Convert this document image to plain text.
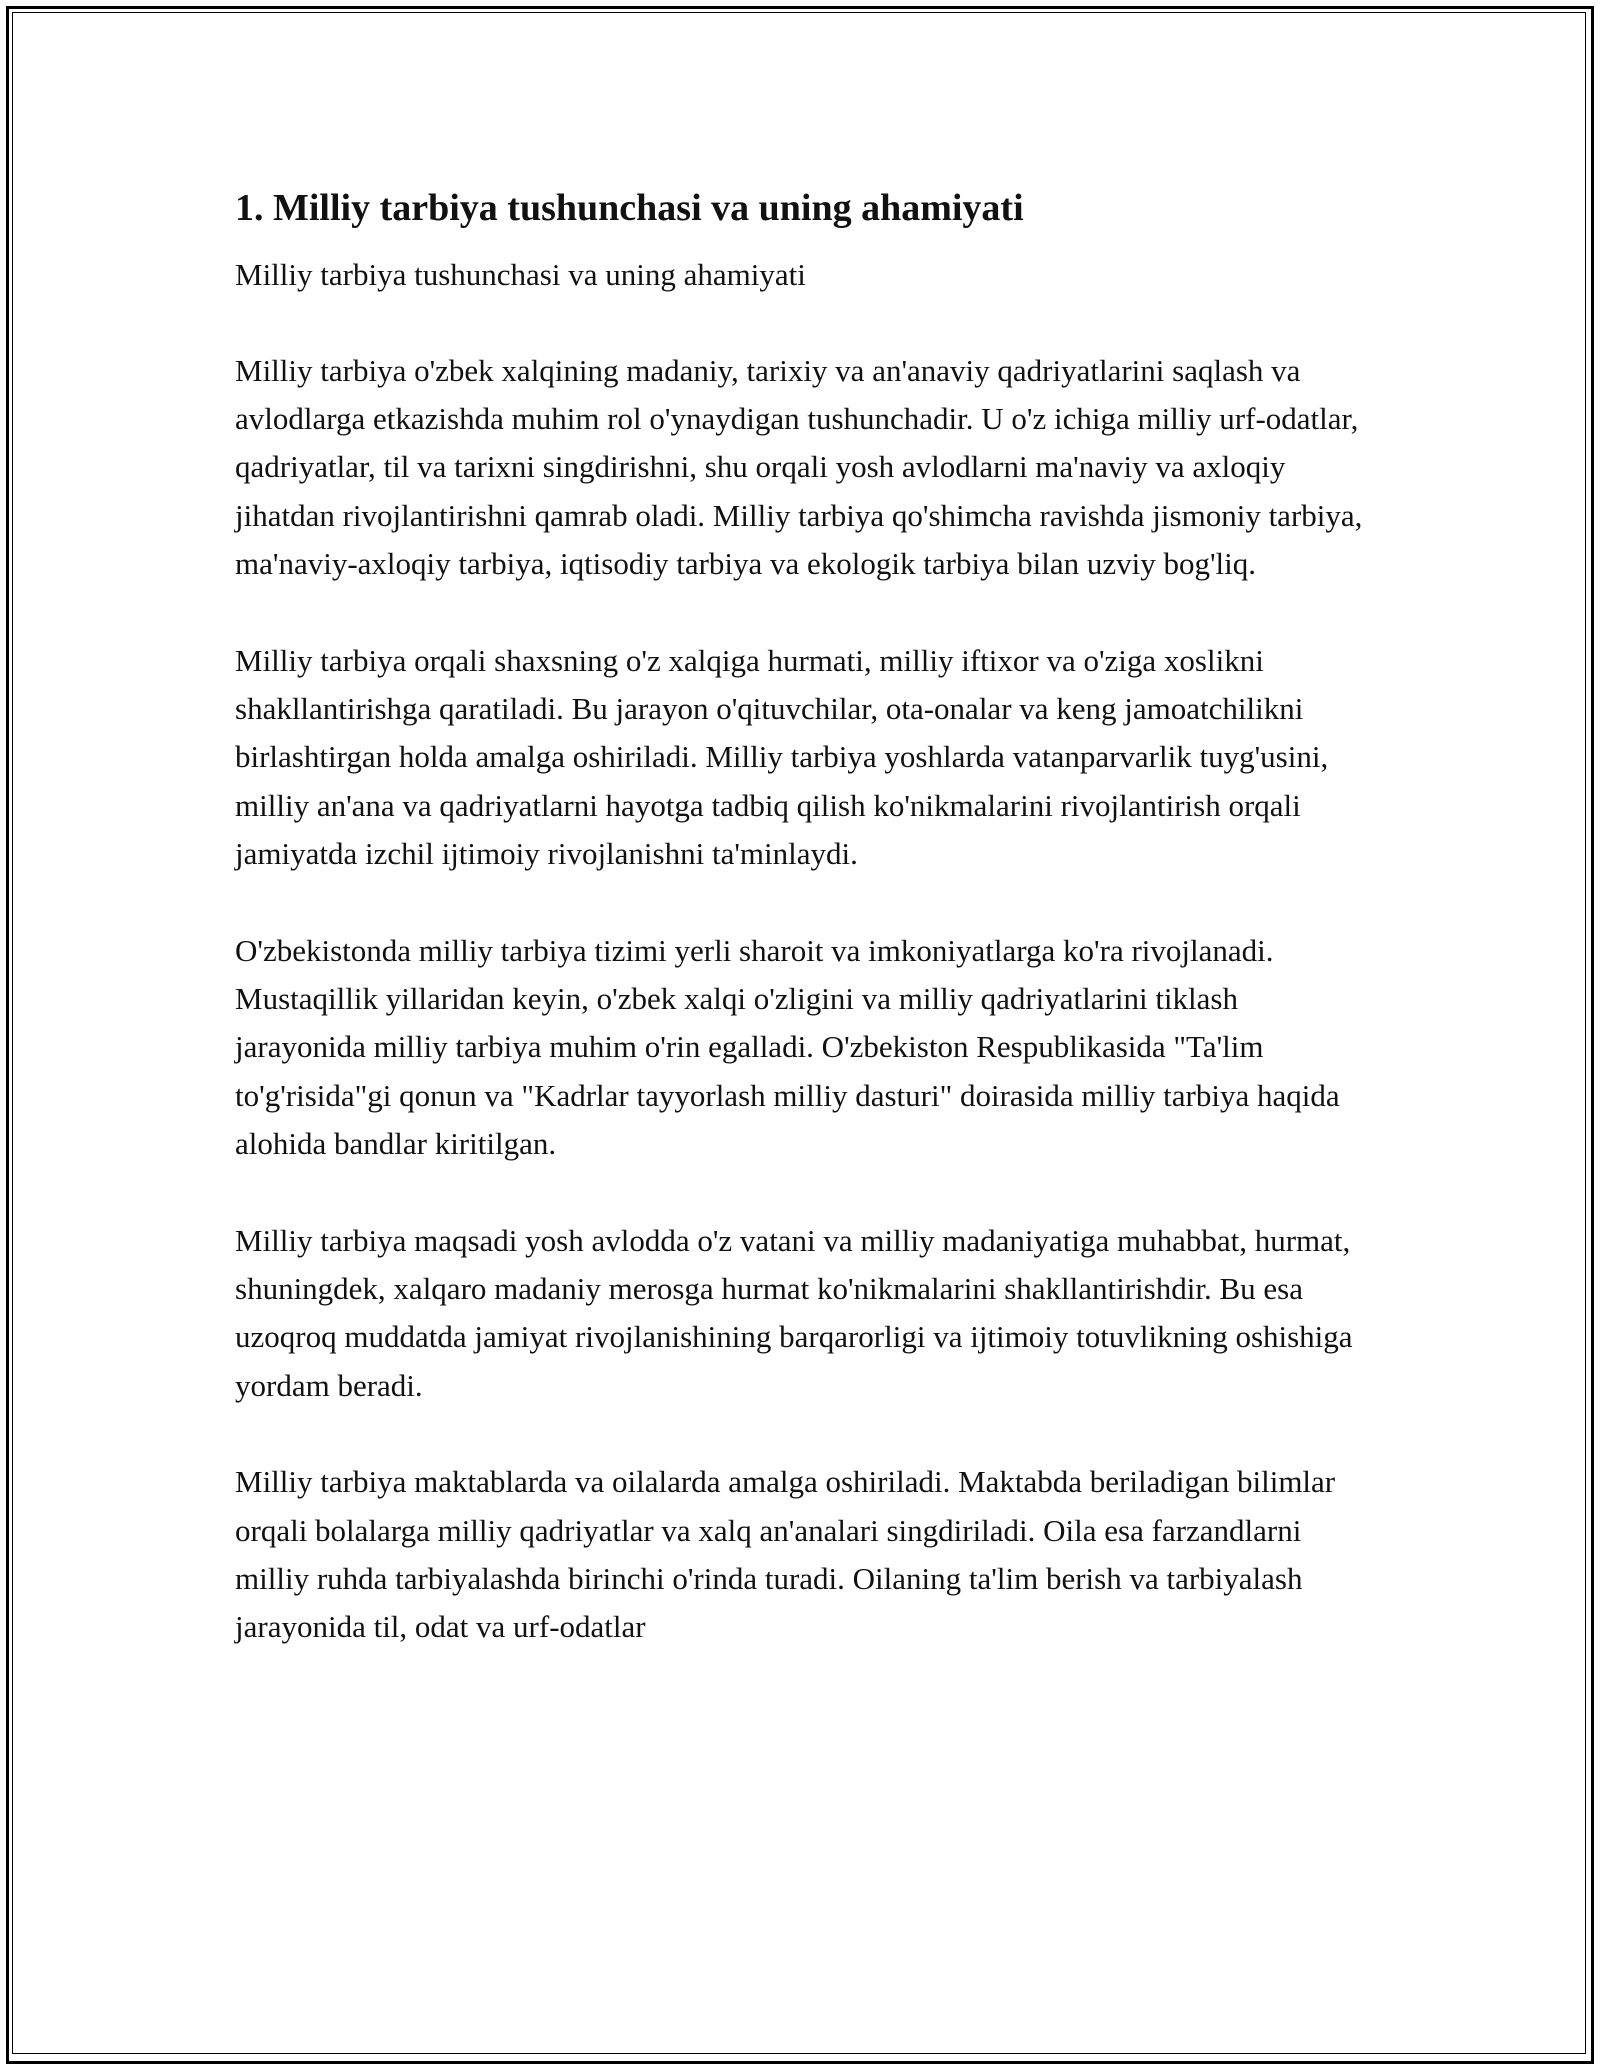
1. Milliy tarbiya tushunchasi va uning ahamiyati

Milliy tarbiya tushunchasi va uning ahamiyati

Milliy tarbiya o'zbek xalqining madaniy, tarixiy va an'anaviy qadriyatlarini saqlash va avlodlarga etkazishda muhim rol o'ynaydigan tushunchadir. U o'z ichiga milliy urf-odatlar, qadriyatlar, til va tarixni singdirishni, shu orqali yosh avlodlarni ma'naviy va axloqiy jihatdan rivojlantirishni qamrab oladi. Milliy tarbiya qo'shimcha ravishda jismoniy tarbiya, ma'naviy-axloqiy tarbiya, iqtisodiy tarbiya va ekologik tarbiya bilan uzviy bog'liq.

Milliy tarbiya orqali shaxsning o'z xalqiga hurmati, milliy iftixor va o'ziga xoslikni shakllantirishga qaratiladi. Bu jarayon o'qituvchilar, ota-onalar va keng jamoatchilikni birlashtirgan holda amalga oshiriladi. Milliy tarbiya yoshlarda vatanparvarlik tuyg'usini, milliy an'ana va qadriyatlarni hayotga tadbiq qilish ko'nikmalarini rivojlantirish orqali jamiyatda izchil ijtimoiy rivojlanishni ta'minlaydi.

O'zbekistonda milliy tarbiya tizimi yerli sharoit va imkoniyatlarga ko'ra rivojlanadi. Mustaqillik yillaridan keyin, o'zbek xalqi o'zligini va milliy qadriyatlarini tiklash jarayonida milliy tarbiya muhim o'rin egalladi. O'zbekiston Respublikasida "Ta'lim to'g'risida"gi qonun va "Kadrlar tayyorlash milliy dasturi" doirasida milliy tarbiya haqida alohida bandlar kiritilgan.

Milliy tarbiya maqsadi yosh avlodda o'z vatani va milliy madaniyatiga muhabbat, hurmat, shuningdek, xalqaro madaniy merosga hurmat ko'nikmalarini shakllantirishdir. Bu esa uzoqroq muddatda jamiyat rivojlanishining barqarorligi va ijtimoiy totuvlikning oshishiga yordam beradi.

Milliy tarbiya maktablarda va oilalarda amalga oshiriladi. Maktabda beriladigan bilimlar orqali bolalarga milliy qadriyatlar va xalq an'analari singdiriladi. Oila esa farzandlarni milliy ruhda tarbiyalashda birinchi o'rinda turadi. Oilaning ta'lim berish va tarbiyalash jarayonida til, odat va urf-odatlar
